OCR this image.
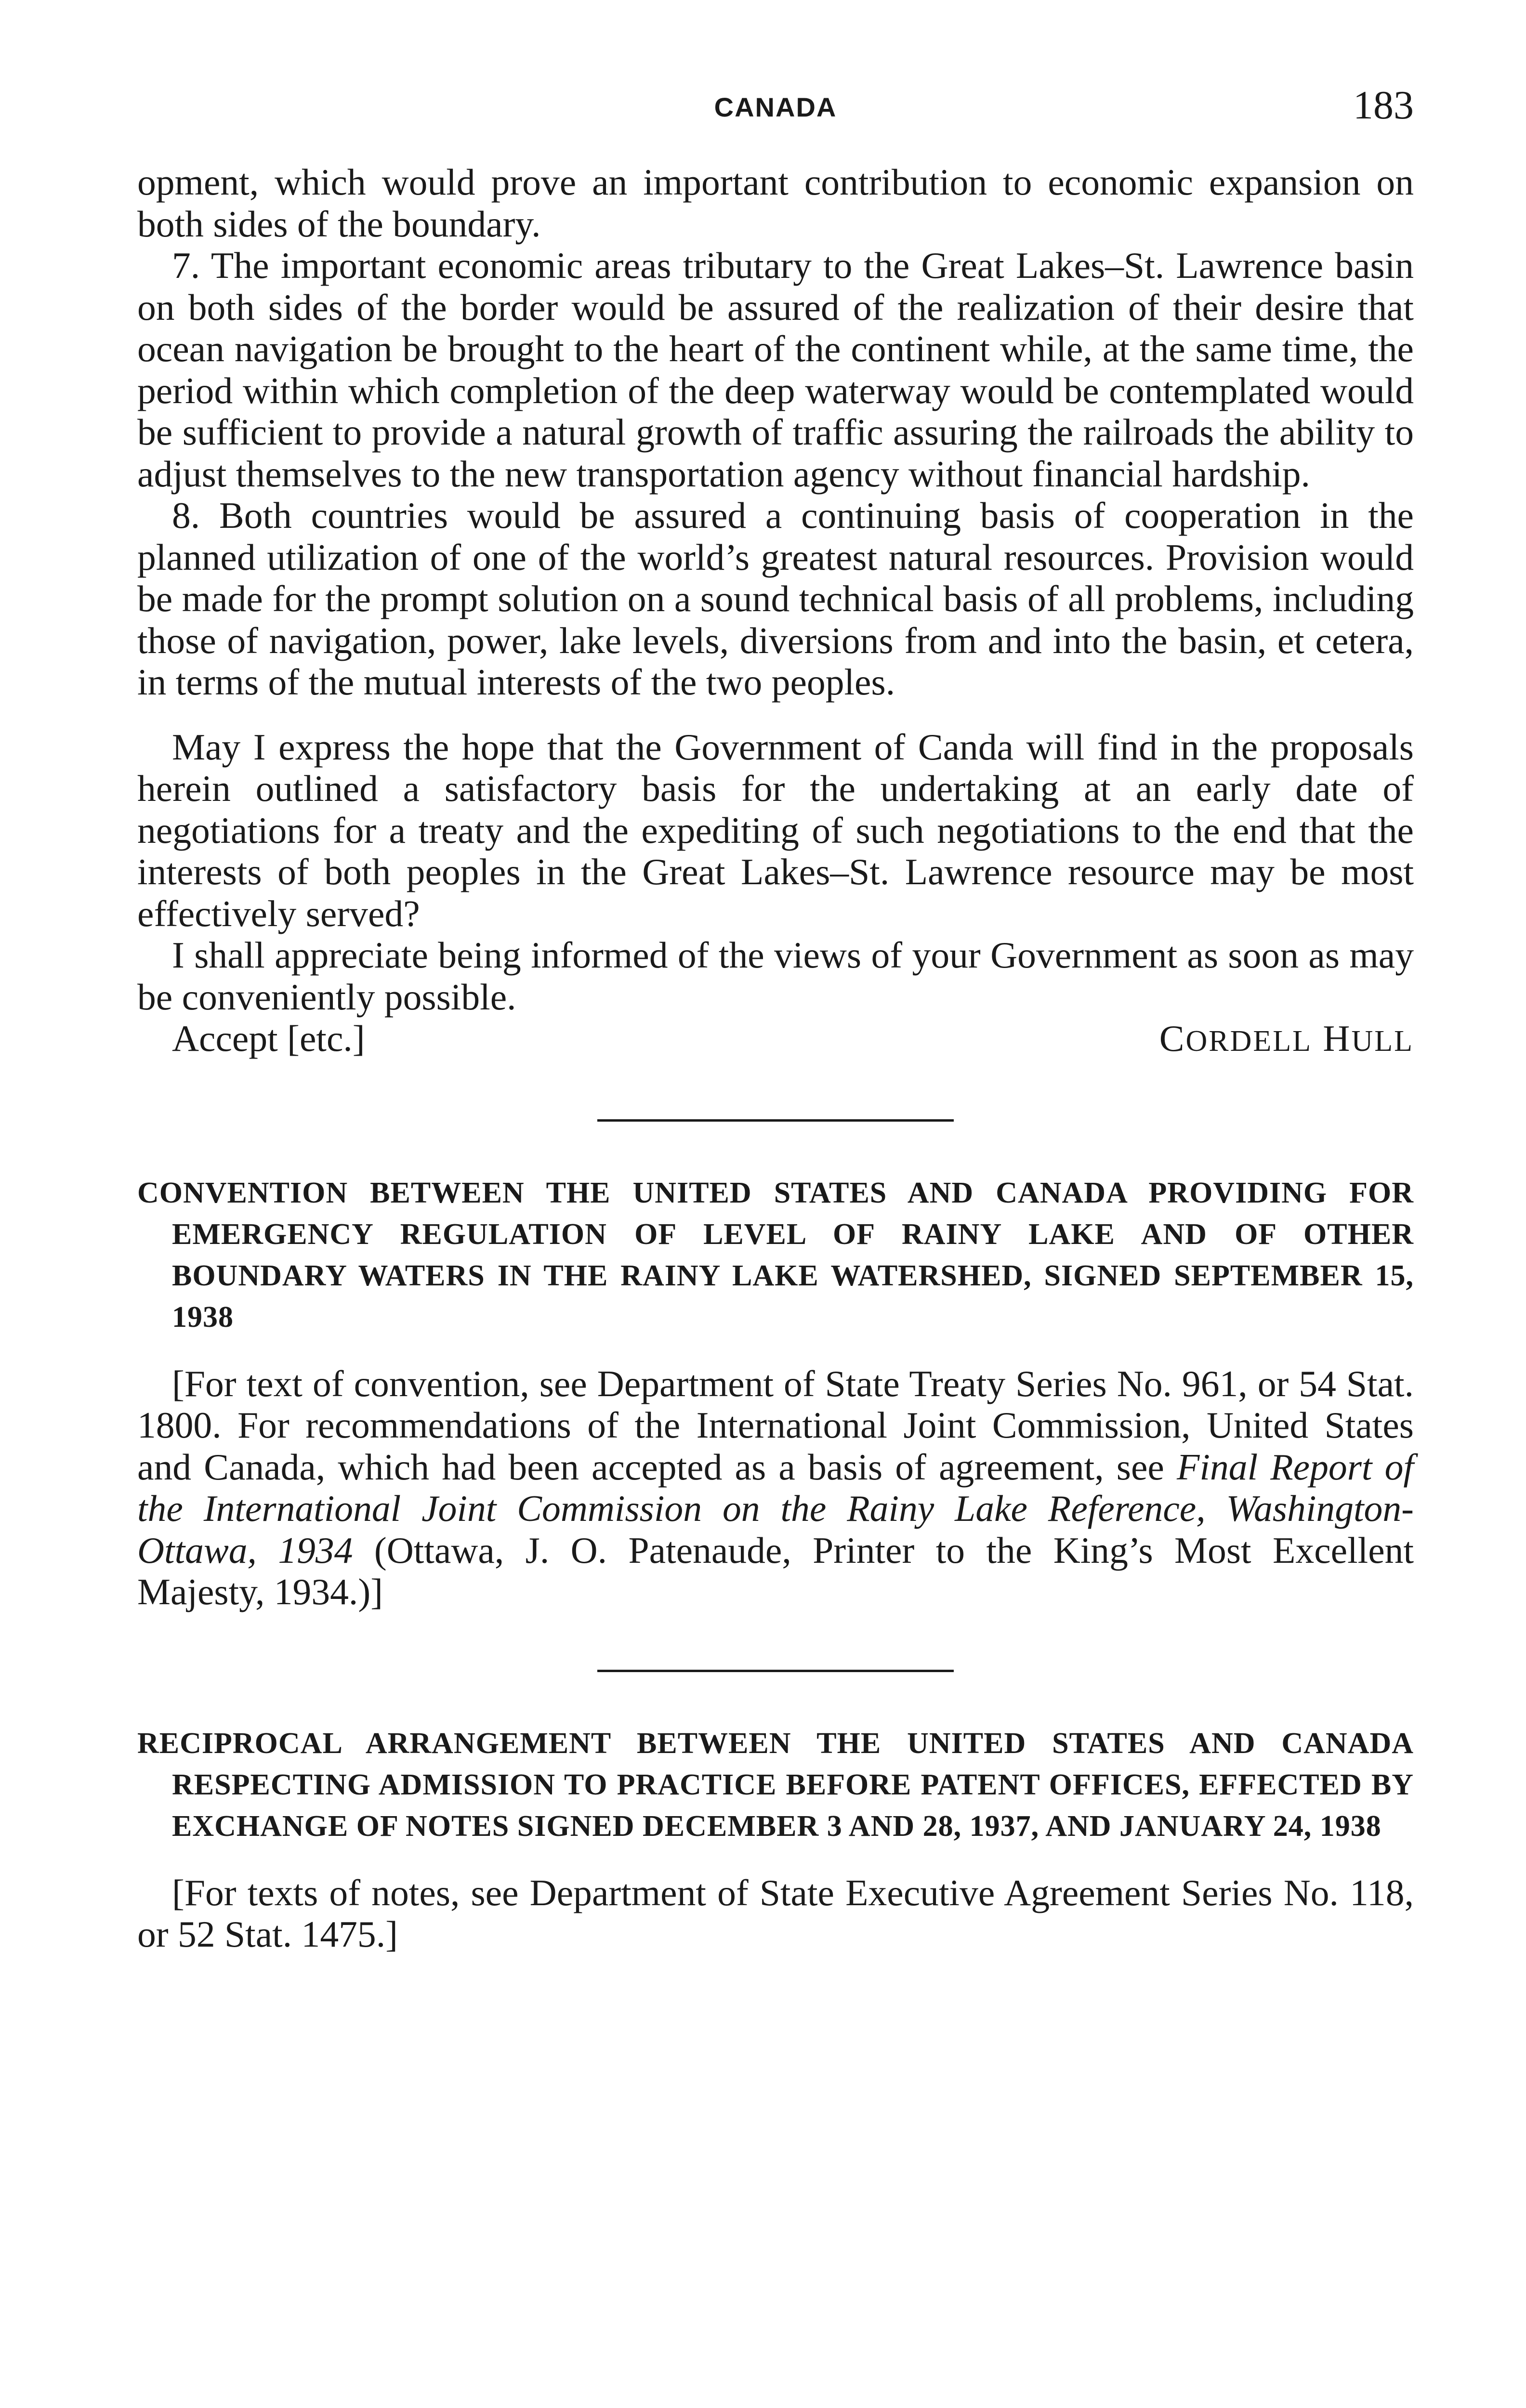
CANADA	183

opment, which would prove an important contribution to economic expansion on both sides of the boundary.

7. The important economic areas tributary to the Great Lakes–St. Lawrence basin on both sides of the border would be assured of the realization of their desire that ocean navigation be brought to the heart of the continent while, at the same time, the period within which completion of the deep waterway would be contemplated would be sufficient to provide a natural growth of traffic assuring the railroads the ability to adjust themselves to the new transportation agency without financial hardship.

8. Both countries would be assured a continuing basis of cooperation in the planned utilization of one of the world’s greatest natural resources. Provision would be made for the prompt solution on a sound technical basis of all problems, including those of navigation, power, lake levels, diversions from and into the basin, et cetera, in terms of the mutual interests of the two peoples.

May I express the hope that the Government of Canda will find in the proposals herein outlined a satisfactory basis for the undertaking at an early date of negotiations for a treaty and the expediting of such negotiations to the end that the interests of both peoples in the Great Lakes–St. Lawrence resource may be most effectively served?

I shall appreciate being informed of the views of your Government as soon as may be conveniently possible.

Accept [etc.]	CORDELL HULL

CONVENTION BETWEEN THE UNITED STATES AND CANADA PROVIDING FOR EMERGENCY REGULATION OF LEVEL OF RAINY LAKE AND OF OTHER BOUNDARY WATERS IN THE RAINY LAKE WATERSHED, SIGNED SEPTEMBER 15, 1938

[For text of convention, see Department of State Treaty Series No. 961, or 54 Stat. 1800. For recommendations of the International Joint Commission, United States and Canada, which had been accepted as a basis of agreement, see Final Report of the International Joint Commission on the Rainy Lake Reference, Washington-Ottawa, 1934 (Ottawa, J. O. Patenaude, Printer to the King’s Most Excellent Majesty, 1934.)]

RECIPROCAL ARRANGEMENT BETWEEN THE UNITED STATES AND CANADA RESPECTING ADMISSION TO PRACTICE BEFORE PATENT OFFICES, EFFECTED BY EXCHANGE OF NOTES SIGNED DECEMBER 3 AND 28, 1937, AND JANUARY 24, 1938

[For texts of notes, see Department of State Executive Agreement Series No. 118, or 52 Stat. 1475.]
